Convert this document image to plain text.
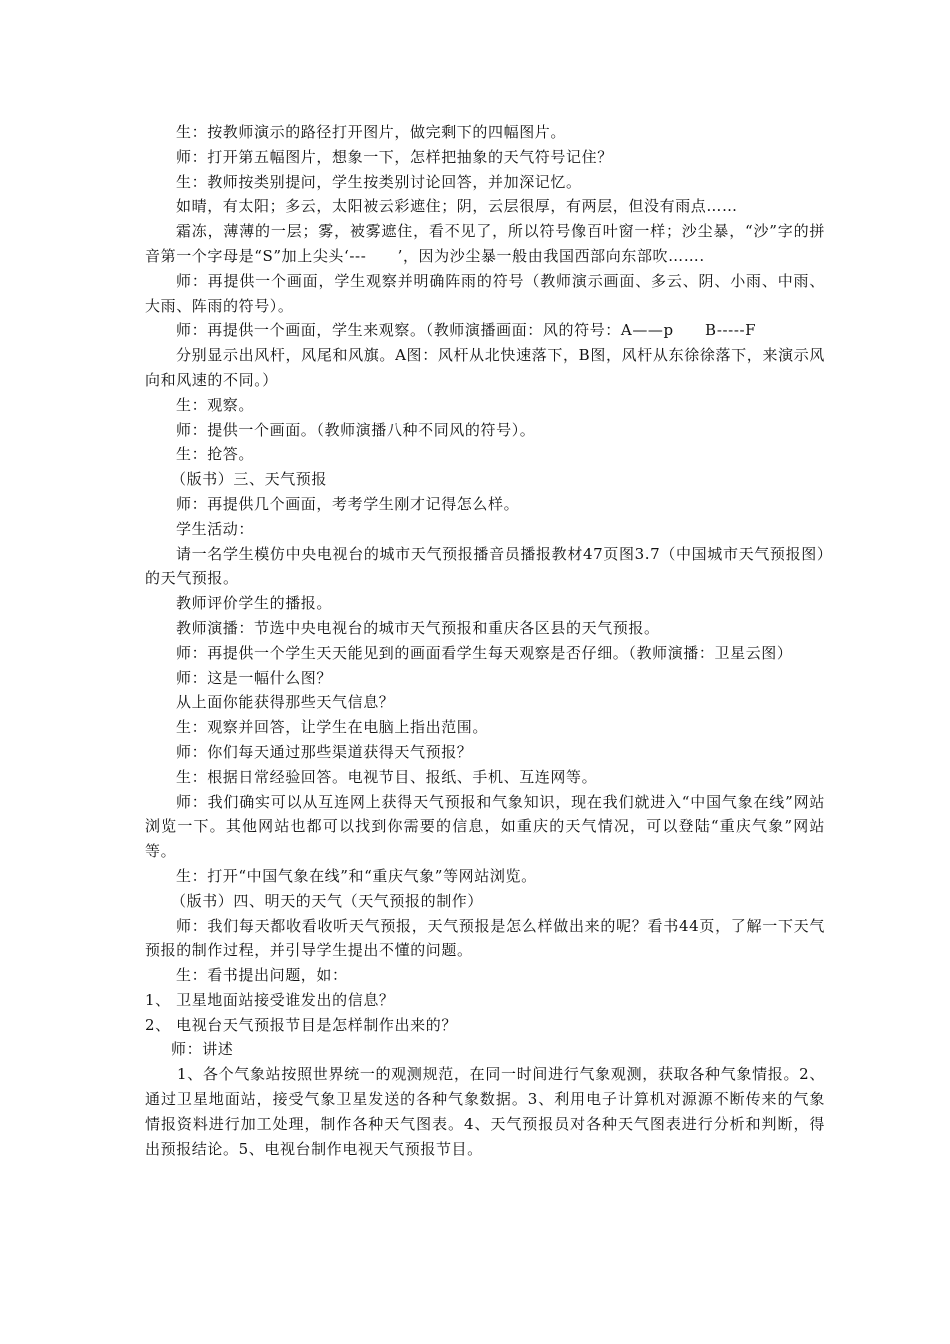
生：按教师演示的路径打开图片，做完剩下的四幅图片。

师：打开第五幅图片，想象一下，怎样把抽象的天气符号记住？

生：教师按类别提问，学生按类别讨论回答，并加深记忆。

如晴，有太阳；多云，太阳被云彩遮住；阴，云层很厚，有两层，但没有雨点……

霜冻，薄薄的一层；雾，被雾遮住，看不见了，所以符号像百叶窗一样；沙尘暴，“沙”字的拼音第一个字母是“S”加上尖头‘---　　’，因为沙尘暴一般由我国西部向东部吹…….

师：再提供一个画面，学生观察并明确阵雨的符号（教师演示画面、多云、阴、小雨、中雨、大雨、阵雨的符号）。

师：再提供一个画面，学生来观察。（教师演播画面：风的符号：A——p　　B-----F

分别显示出风杆，风尾和风旗。A图：风杆从北快速落下，B图，风杆从东徐徐落下，来演示风向和风速的不同。）

生：观察。

师：提供一个画面。（教师演播八种不同风的符号）。

生：抢答。

（版书）三、天气预报

师：再提供几个画面，考考学生刚才记得怎么样。

学生活动：

请一名学生模仿中央电视台的城市天气预报播音员播报教材47页图3.7（中国城市天气预报图）的天气预报。

教师评价学生的播报。

教师演播：节选中央电视台的城市天气预报和重庆各区县的天气预报。

师：再提供一个学生天天能见到的画面看学生每天观察是否仔细。（教师演播：卫星云图）

师：这是一幅什么图？

从上面你能获得那些天气信息？

生：观察并回答，让学生在电脑上指出范围。

师：你们每天通过那些渠道获得天气预报？

生：根据日常经验回答。电视节目、报纸、手机、互连网等。

师：我们确实可以从互连网上获得天气预报和气象知识，现在我们就进入“中国气象在线”网站浏览一下。其他网站也都可以找到你需要的信息，如重庆的天气情况，可以登陆“重庆气象”网站等。

生：打开“中国气象在线”和“重庆气象”等网站浏览。

（版书）四、明天的天气（天气预报的制作）

师：我们每天都收看收听天气预报，天气预报是怎么样做出来的呢？看书44页，了解一下天气预报的制作过程，并引导学生提出不懂的问题。

生：看书提出问题，如：

1、 卫星地面站接受谁发出的信息？

2、 电视台天气预报节目是怎样制作出来的？

师：讲述

1、各个气象站按照世界统一的观测规范，在同一时间进行气象观测，获取各种气象情报。2、通过卫星地面站，接受气象卫星发送的各种气象数据。3、利用电子计算机对源源不断传来的气象情报资料进行加工处理，制作各种天气图表。4、天气预报员对各种天气图表进行分析和判断，得出预报结论。5、电视台制作电视天气预报节目。
